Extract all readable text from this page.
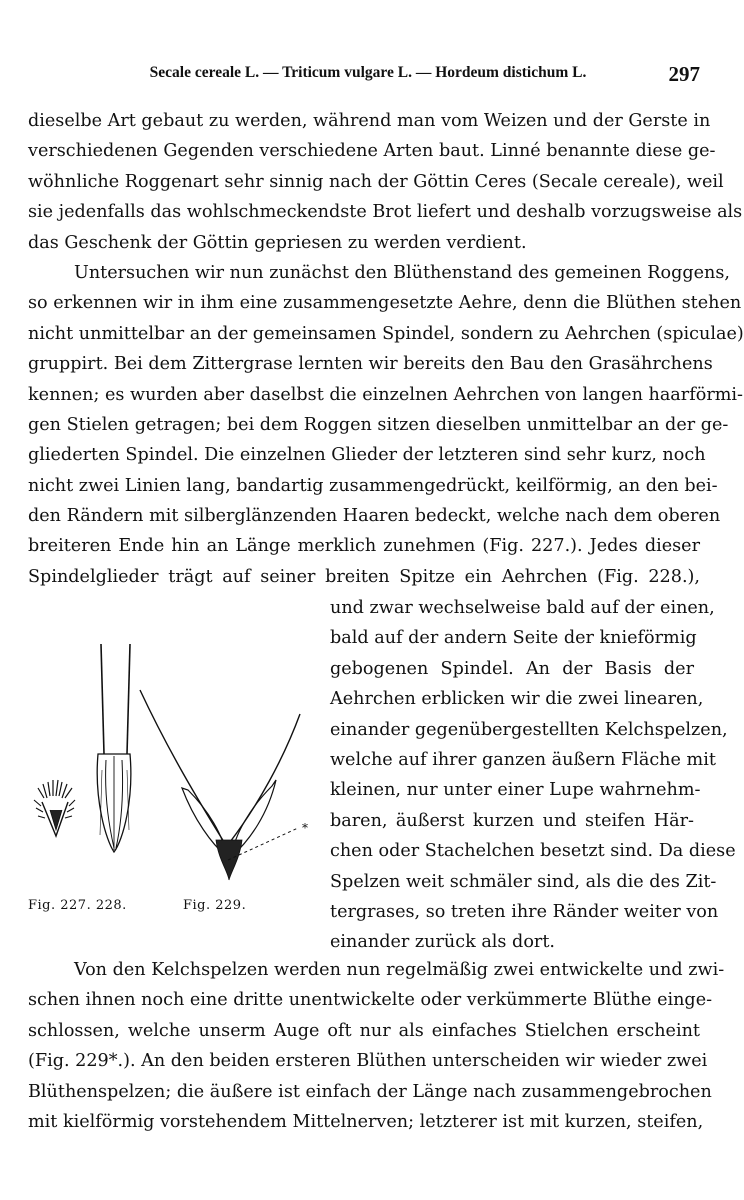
Secale cereale L. — Triticum vulgare L. — Hordeum distichum L.	297
dieselbe Art gebaut zu werden, während man vom Weizen und der Gerste in
verschiedenen Gegenden verschiedene Arten baut. Linné benannte diese ge-
wöhnliche Roggenart sehr sinnig nach der Göttin Ceres (Secale cereale), weil
sie jedenfalls das wohlschmeckendste Brot liefert und deshalb vorzugsweise als
das Geschenk der Göttin gepriesen zu werden verdient.
Untersuchen wir nun zunächst den Blüthenstand des gemeinen Roggens,
so erkennen wir in ihm eine zusammengesetzte Aehre, denn die Blüthen stehen
nicht unmittelbar an der gemeinsamen Spindel, sondern zu Aehrchen (spiculae)
gruppirt. Bei dem Zittergrase lernten wir bereits den Bau den Grasährchens
kennen; es wurden aber daselbst die einzelnen Aehrchen von langen haarförmi-
gen Stielen getragen; bei dem Roggen sitzen dieselben unmittelbar an der ge-
gliederten Spindel. Die einzelnen Glieder der letzteren sind sehr kurz, noch
nicht zwei Linien lang, bandartig zusammengedrückt, keilförmig, an den bei-
den Rändern mit silberglänzenden Haaren bedeckt, welche nach dem oberen
breiteren Ende hin an Länge merklich zunehmen (Fig. 227.). Jedes dieser
Spindelglieder trägt auf seiner breiten Spitze ein Aehrchen (Fig. 228.),
und zwar wechselweise bald auf der einen,
bald auf der andern Seite der knieförmig
gebogenen Spindel. An der Basis der
Aehrchen erblicken wir die zwei linearen,
einander gegenübergestellten Kelchspelzen,
welche auf ihrer ganzen äußern Fläche mit
kleinen, nur unter einer Lupe wahrnehm-
baren, äußerst kurzen und steifen Här-
chen oder Stachelchen besetzt sind. Da diese
Spelzen weit schmäler sind, als die des Zit-
tergrases, so treten ihre Ränder weiter von
einander zurück als dort.
*
Fig. 227. 228.	Fig. 229.
Von den Kelchspelzen werden nun regelmäßig zwei entwickelte und zwi-
schen ihnen noch eine dritte unentwickelte oder verkümmerte Blüthe einge-
schlossen, welche unserm Auge oft nur als einfaches Stielchen erscheint
(Fig. 229*.). An den beiden ersteren Blüthen unterscheiden wir wieder zwei
Blüthenspelzen; die äußere ist einfach der Länge nach zusammengebrochen
mit kielförmig vorstehendem Mittelnerven; letzterer ist mit kurzen, steifen,
